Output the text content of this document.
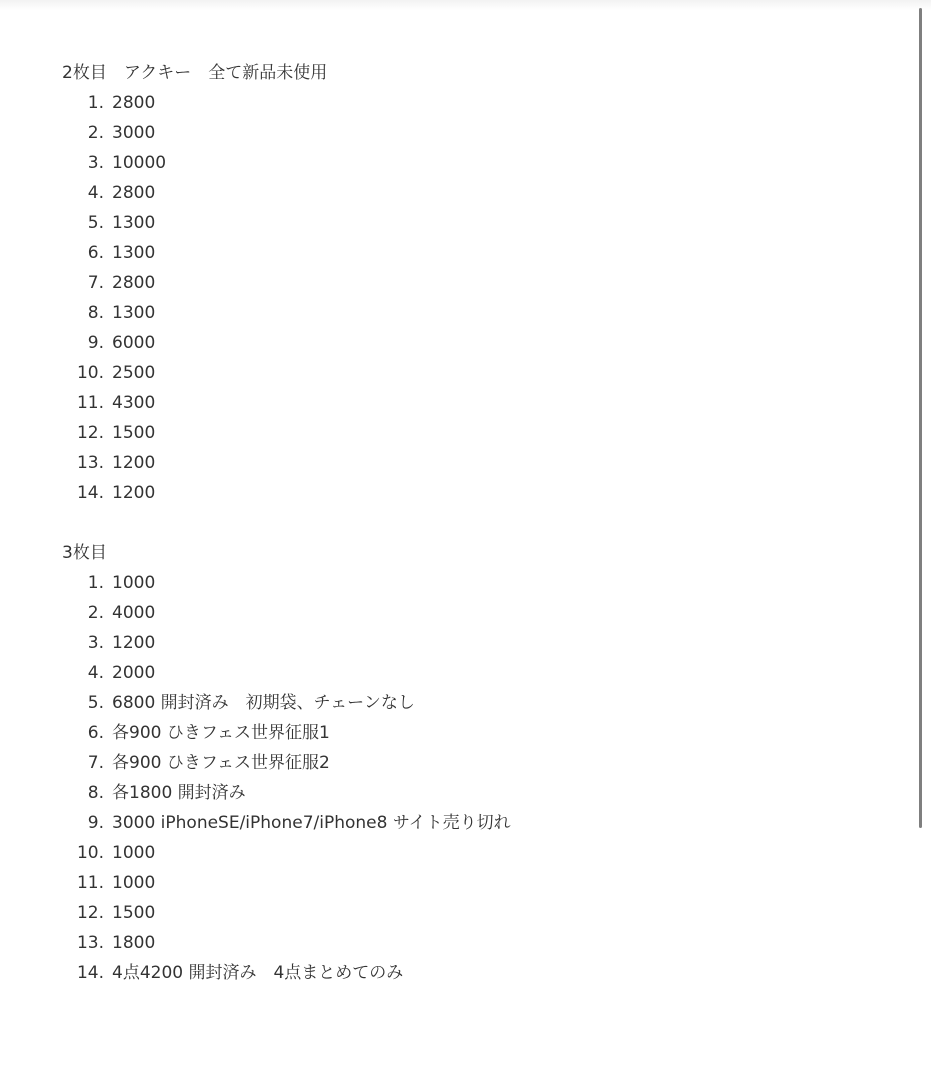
2枚目　アクキー　全て新品未使用
1 . 2800
2 . 3000
3 . 10000
4 . 2800
5 . 1300
6 . 1300
7 . 2800
8 . 1300
9 . 6000
10 . 2500
11 . 4300
12 . 1500
13 . 1200
14 . 1200
3枚目
1 . 1000
2 . 4000
3 . 1200
4 . 2000
5 . 6800 開封済み　初期袋、チェーンなし
6 . 各900 ひきフェス世界征服1
7 . 各900 ひきフェス世界征服2
8 . 各1800 開封済み
9 . 3000 iPhoneSE/iPhone7/iPhone8 サイト売り切れ
10 . 1000
11 . 1000
12 . 1500
13 . 1800
14 . 4点4200 開封済み　4点まとめてのみ
